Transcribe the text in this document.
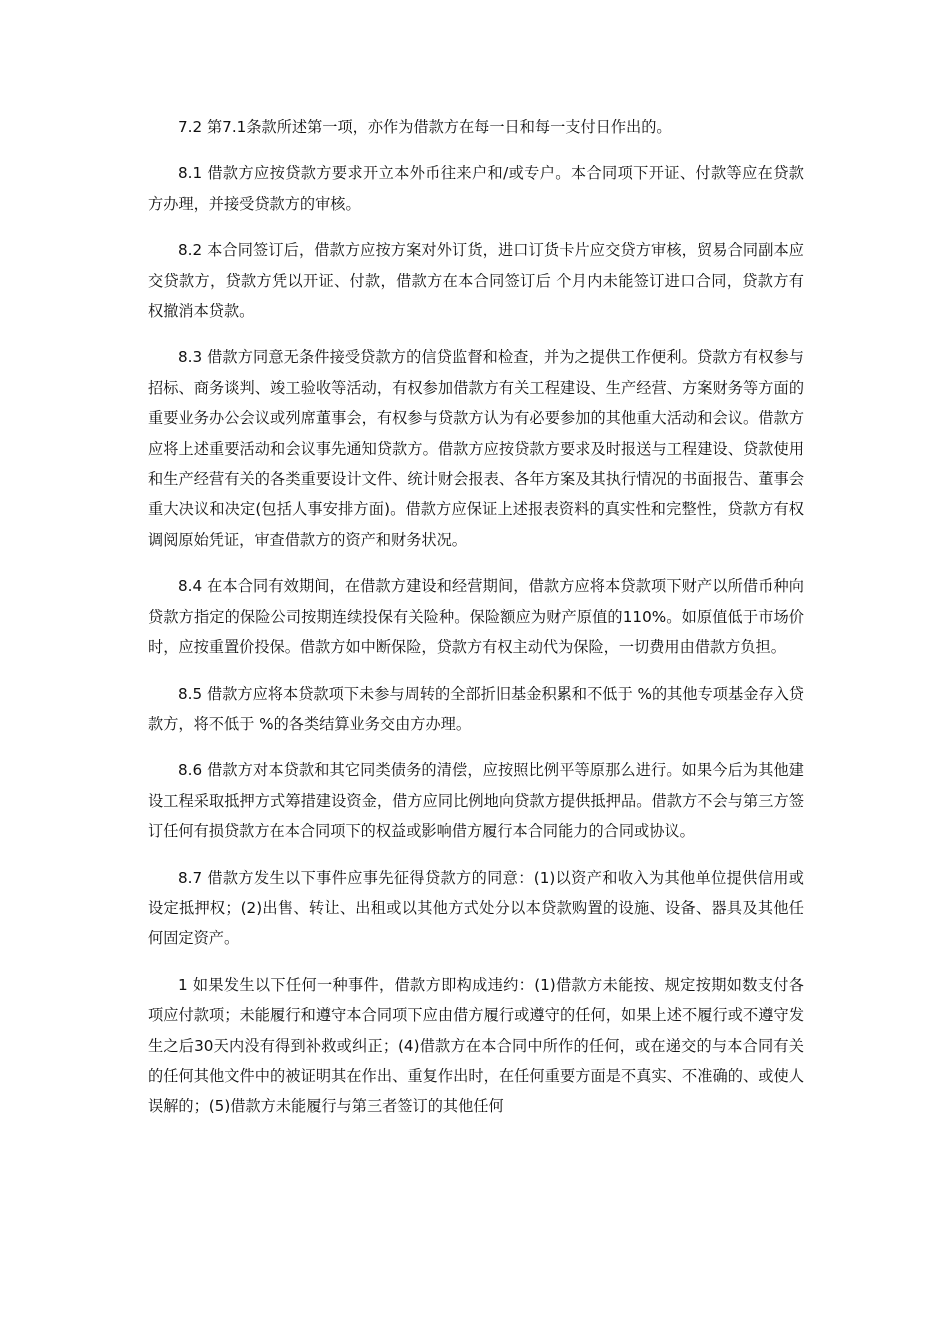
7.2 第7.1条款所述第一项，亦作为借款方在每一日和每一支付日作出的。

8.1 借款方应按贷款方要求开立本外币往来户和/或专户。本合同项下开证、付款等应在贷款方办理，并接受贷款方的审核。

8.2 本合同签订后，借款方应按方案对外订货，进口订货卡片应交贷方审核，贸易合同副本应交贷款方，贷款方凭以开证、付款，借款方在本合同签订后 个月内未能签订进口合同，贷款方有权撤消本贷款。

8.3 借款方同意无条件接受贷款方的信贷监督和检查，并为之提供工作便利。贷款方有权参与招标、商务谈判、竣工验收等活动，有权参加借款方有关工程建设、生产经营、方案财务等方面的重要业务办公会议或列席董事会，有权参与贷款方认为有必要参加的其他重大活动和会议。借款方应将上述重要活动和会议事先通知贷款方。借款方应按贷款方要求及时报送与工程建设、贷款使用和生产经营有关的各类重要设计文件、统计财会报表、各年方案及其执行情况的书面报告、董事会重大决议和决定(包括人事安排方面)。借款方应保证上述报表资料的真实性和完整性，贷款方有权调阅原始凭证，审查借款方的资产和财务状况。

8.4 在本合同有效期间，在借款方建设和经营期间，借款方应将本贷款项下财产以所借币种向贷款方指定的保险公司按期连续投保有关险种。保险额应为财产原值的110%。如原值低于市场价时，应按重置价投保。借款方如中断保险，贷款方有权主动代为保险，一切费用由借款方负担。

8.5 借款方应将本贷款项下未参与周转的全部折旧基金积累和不低于 %的其他专项基金存入贷款方，将不低于 %的各类结算业务交由方办理。

8.6 借款方对本贷款和其它同类债务的清偿，应按照比例平等原那么进行。如果今后为其他建设工程采取抵押方式筹措建设资金，借方应同比例地向贷款方提供抵押品。借款方不会与第三方签订任何有损贷款方在本合同项下的权益或影响借方履行本合同能力的合同或协议。

8.7 借款方发生以下事件应事先征得贷款方的同意：(1)以资产和收入为其他单位提供信用或设定抵押权；(2)出售、转让、出租或以其他方式处分以本贷款购置的设施、设备、器具及其他任何固定资产。

1 如果发生以下任何一种事件，借款方即构成违约：(1)借款方未能按、规定按期如数支付各项应付款项；未能履行和遵守本合同项下应由借方履行或遵守的任何，如果上述不履行或不遵守发生之后30天内没有得到补救或纠正；(4)借款方在本合同中所作的任何，或在递交的与本合同有关的任何其他文件中的被证明其在作出、重复作出时，在任何重要方面是不真实、不准确的、或使人误解的；(5)借款方未能履行与第三者签订的其他任何
